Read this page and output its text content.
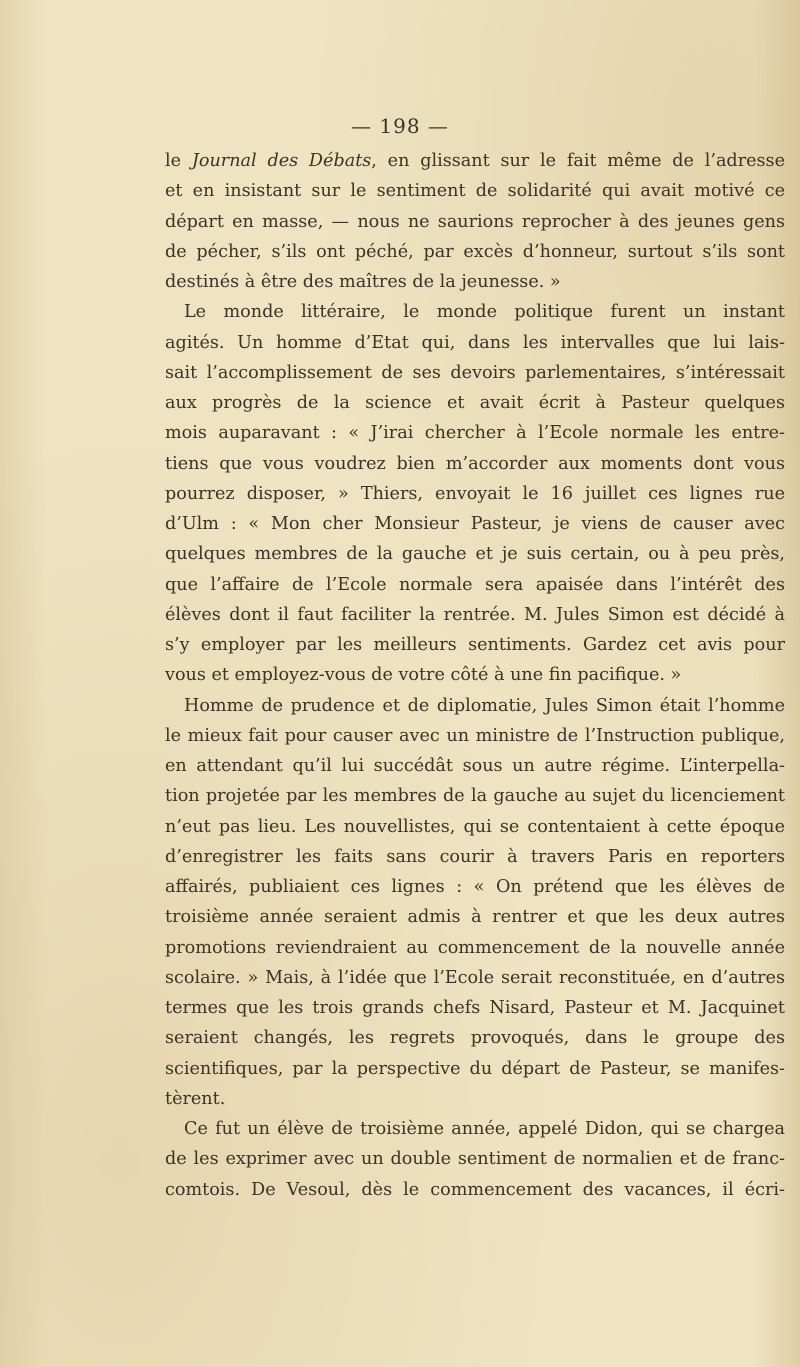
— 198 —
le Journal des Débats, en glissant sur le fait même de l’adresse
et en insistant sur le sentiment de solidarité qui avait motivé ce
départ en masse, — nous ne saurions reprocher à des jeunes gens
de pécher, s’ils ont péché, par excès d’honneur, surtout s’ils sont
destinés à être des maîtres de la jeunesse. »
Le monde littéraire, le monde politique furent un instant
agités. Un homme d’Etat qui, dans les intervalles que lui lais-
sait l’accomplissement de ses devoirs parlementaires, s’intéressait
aux progrès de la science et avait écrit à Pasteur quelques
mois auparavant : « J’irai chercher à l’Ecole normale les entre-
tiens que vous voudrez bien m’accorder aux moments dont vous
pourrez disposer, » Thiers, envoyait le 16 juillet ces lignes rue
d’Ulm : « Mon cher Monsieur Pasteur, je viens de causer avec
quelques membres de la gauche et je suis certain, ou à peu près,
que l’affaire de l’Ecole normale sera apaisée dans l’intérêt des
élèves dont il faut faciliter la rentrée. M. Jules Simon est décidé à
s’y employer par les meilleurs sentiments. Gardez cet avis pour
vous et employez-vous de votre côté à une fin pacifique. »
Homme de prudence et de diplomatie, Jules Simon était l’homme
le mieux fait pour causer avec un ministre de l’Instruction publique,
en attendant qu’il lui succédât sous un autre régime. L’interpella-
tion projetée par les membres de la gauche au sujet du licenciement
n’eut pas lieu. Les nouvellistes, qui se contentaient à cette époque
d’enregistrer les faits sans courir à travers Paris en reporters
affairés, publiaient ces lignes : « On prétend que les élèves de
troisième année seraient admis à rentrer et que les deux autres
promotions reviendraient au commencement de la nouvelle année
scolaire. » Mais, à l’idée que l’Ecole serait reconstituée, en d’autres
termes que les trois grands chefs Nisard, Pasteur et M. Jacquinet
seraient changés, les regrets provoqués, dans le groupe des
scientifiques, par la perspective du départ de Pasteur, se manifes-
tèrent.
Ce fut un élève de troisième année, appelé Didon, qui se chargea
de les exprimer avec un double sentiment de normalien et de franc-
comtois. De Vesoul, dès le commencement des vacances, il écri-
